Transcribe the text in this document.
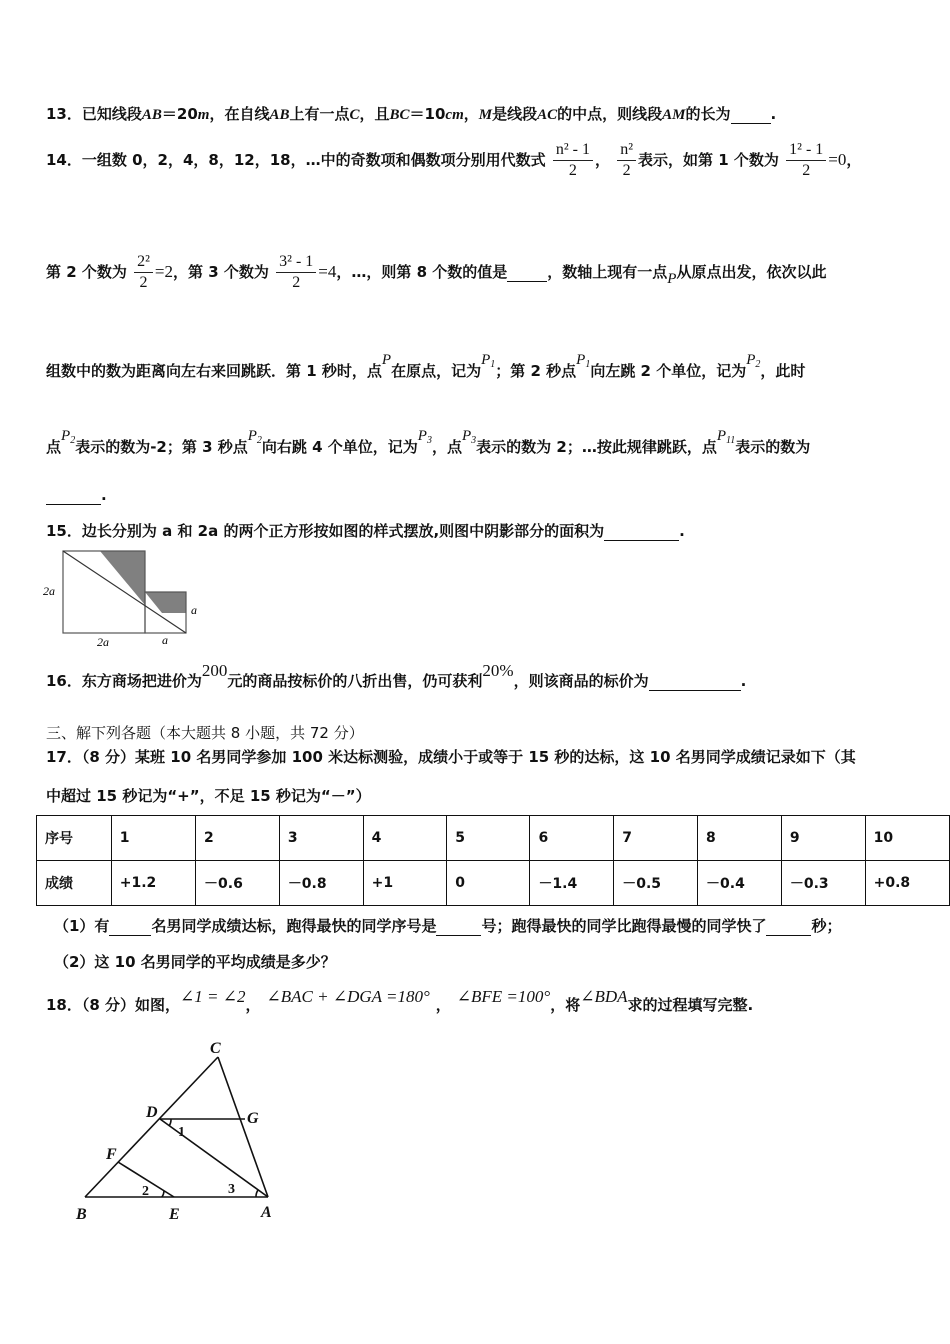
13．已知线段AB＝20m，在自线AB上有一点C，且BC＝10cm，M是线段AC的中点，则线段AM的长为	.
14．一组数 0，2，4，8，12，18，…中的奇数项和偶数项分别用代数式 $\frac{\text{n² - 1}}{2}$ ， $\frac{\text{n²}}{2}$ 表示，如第 1 个数为 $\frac{\text{1² - 1}}{2} =0$，
第 2 个数为 $\frac{\text{2²}}{2} =2$，第 3 个数为 $\frac{\text{3² - 1}}{2} =4$，…，则第 8 个数的值是	，数轴上现有一点P从原点出发，依次以此
组数中的数为距离向左右来回跳跃．第 1 秒时，点P在原点，记为$P_1$；第 2 秒点$P_1$向左跳 2 个单位，记为$P_2$，此时
点$P_2$表示的数为-2；第 3 秒点$P_2$向右跳 4 个单位，记为$P_3$，点$P_3$表示的数为 2；…按此规律跳跃，点$P_{11}$表示的数为
.
15．边长分别为 a 和 2a 的两个正方形按如图的样式摆放,则图中阴影部分的面积为	.
2a
2a	a
a
16．东方商场把进价为200元的商品按标价的八折出售，仍可获利20%，则该商品的标价为	.
三、解下列各题（本大题共 8 小题，共 72 分）
17．（8 分）某班 10 名男同学参加 100 米达标测验，成绩小于或等于 15 秒的达标，这 10 名男同学成绩记录如下（其
中超过 15 秒记为“+”，不足 15 秒记为“－”）
序号	1	2	3	4	5	6	7	8	9	10
成绩	+1.2	－0.6	－0.8	+1	0	－1.4	－0.5	－0.4	－0.3	+0.8
（1）有	名男同学成绩达标，跑得最快的同学序号是	号；跑得最快的同学比跑得最慢的同学快了	秒；
（2）这 10 名男同学的平均成绩是多少？
18．（8 分）如图，∠1 = ∠2， ∠BAC + ∠DGA =180° ， ∠BFE =100°，将∠BDA求的过程填写完整.
C
D	G
F
B	E	A
1
2	3
